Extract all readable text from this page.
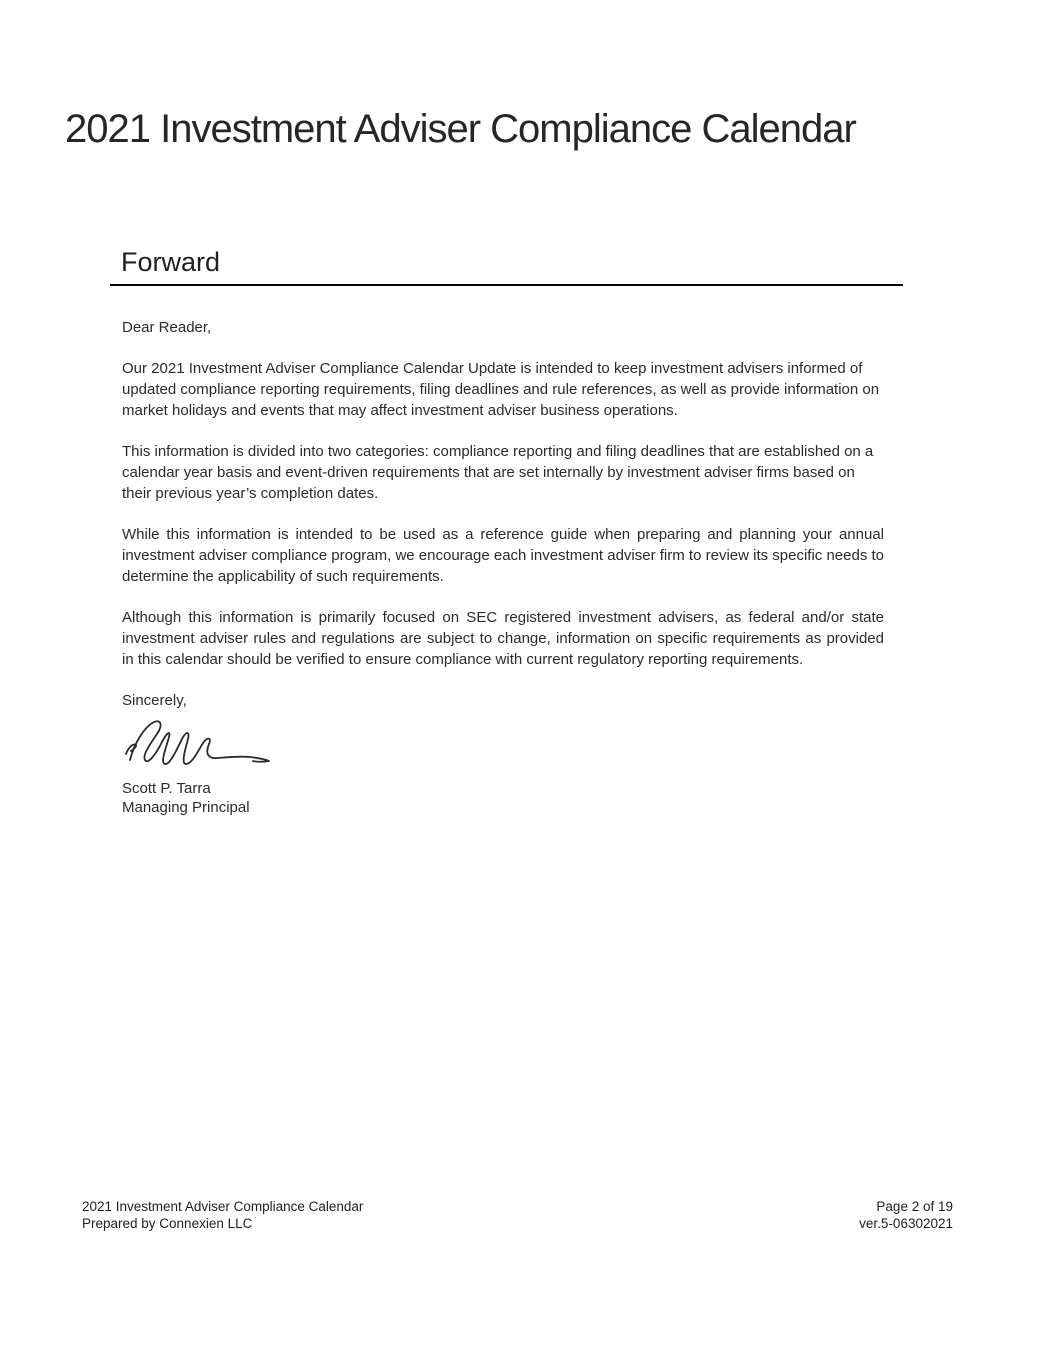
2021 Investment Adviser Compliance Calendar
Forward

Dear Reader,

Our 2021 Investment Adviser Compliance Calendar Update is intended to keep investment advisers informed of updated compliance reporting requirements, filing deadlines and rule references, as well as provide information on market holidays and events that may affect investment adviser business operations.

This information is divided into two categories: compliance reporting and filing deadlines that are established on a calendar year basis and event-driven requirements that are set internally by investment adviser firms based on their previous year’s completion dates.

While this information is intended to be used as a reference guide when preparing and planning your annual investment adviser compliance program, we encourage each investment adviser firm to review its specific needs to determine the applicability of such requirements.

Although this information is primarily focused on SEC registered investment advisers, as federal and/or state investment adviser rules and regulations are subject to change, information on specific requirements as provided in this calendar should be verified to ensure compliance with current regulatory reporting requirements.

Sincerely,

Scott P. Tarra
Managing Principal
2021 Investment Adviser Compliance Calendar
Prepared by Connexien LLC
Page 2 of 19
ver.5-06302021
